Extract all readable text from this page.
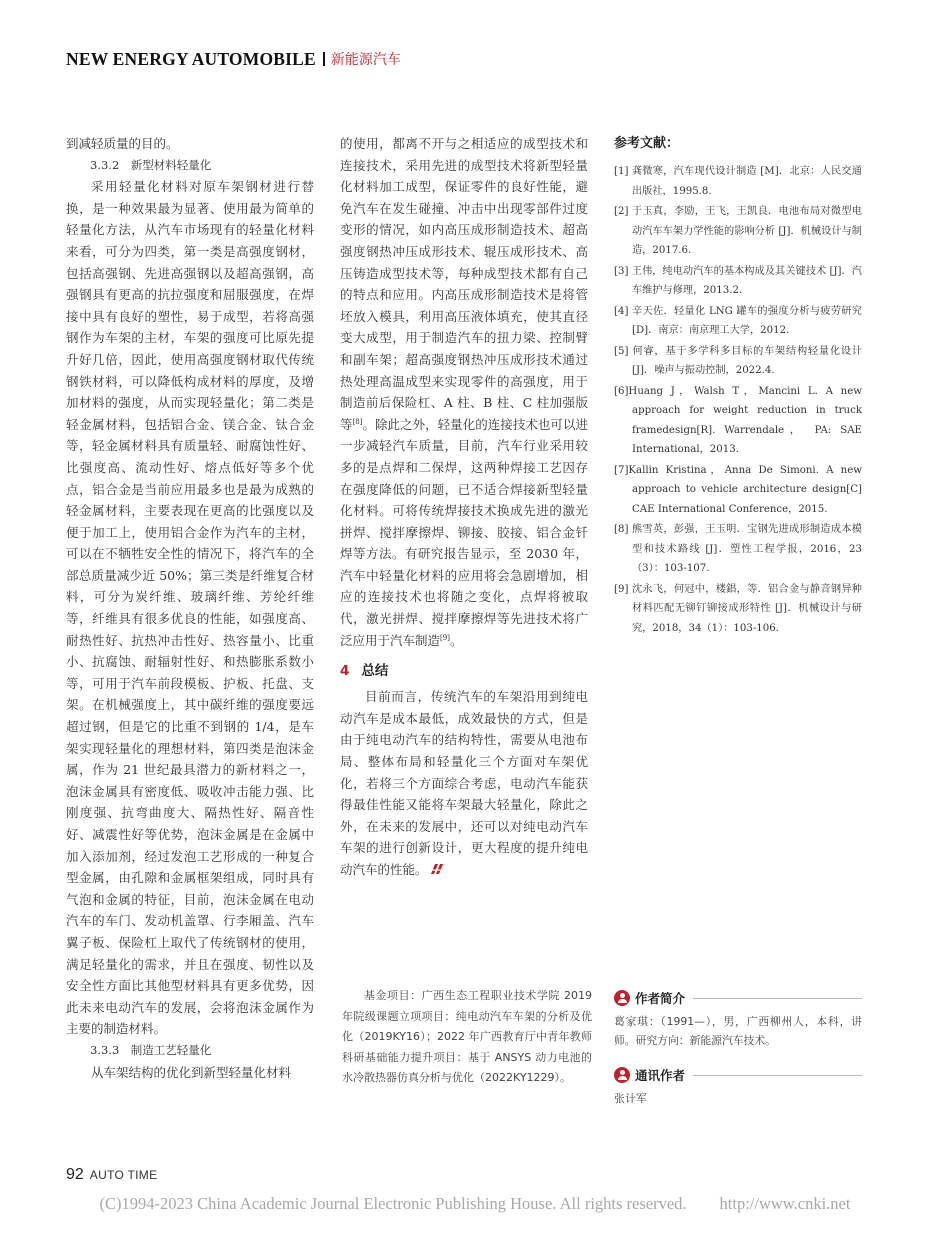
NEW ENERGY AUTOMOBILE 新能源汽车

到减轻质量的目的。

3.3.2　新型材料轻量化

采用轻量化材料对原车架钢材进行替换，是一种效果最为显著、使用最为简单的轻量化方法，从汽车市场现有的轻量化材料来看，可分为四类，第一类是高强度钢材，包括高强钢、先进高强钢以及超高强钢，高强钢具有更高的抗拉强度和屈服强度，在焊接中具有良好的塑性，易于成型，若将高强钢作为车架的主材，车架的强度可比原先提升好几倍，因此，使用高强度钢材取代传统钢铁材料，可以降低构成材料的厚度，及增加材料的强度，从而实现轻量化；第二类是轻金属材料，包括铝合金、镁合金、钛合金等，轻金属材料具有质量轻、耐腐蚀性好、比强度高、流动性好、熔点低好等多个优点，铝合金是当前应用最多也是最为成熟的轻金属材料，主要表现在更高的比强度以及便于加工上，使用铝合金作为汽车的主材，可以在不牺牲安全性的情况下，将汽车的全部总质量减少近 50%；第三类是纤维复合材料，可分为炭纤维、玻璃纤维、芳纶纤维等，纤维具有很多优良的性能，如强度高、耐热性好、抗热冲击性好、热容量小、比重小、抗腐蚀、耐辐射性好、和热膨胀系数小等，可用于汽车前段模板、护板、托盘、支架。在机械强度上，其中碳纤维的强度要远超过钢，但是它的比重不到钢的 1/4，是车架实现轻量化的理想材料，第四类是泡沫金属，作为 21 世纪最具潜力的新材料之一，泡沫金属具有密度低、吸收冲击能力强、比刚度强、抗弯曲度大、隔热性好、隔音性好、减震性好等优势，泡沫金属是在金属中加入添加剂，经过发泡工艺形成的一种复合型金属，由孔隙和金属框架组成，同时具有气泡和金属的特征，目前，泡沫金属在电动汽车的车门、发动机盖罩、行李厢盖、汽车翼子板、保险杠上取代了传统钢材的使用，满足轻量化的需求，并且在强度、韧性以及安全性方面比其他型材料具有更多优势，因此未来电动汽车的发展，会将泡沫金属作为主要的制造材料。

3.3.3　制造工艺轻量化

从车架结构的优化到新型轻量化材料

的使用，都离不开与之相适应的成型技术和连接技术，采用先进的成型技术将新型轻量化材料加工成型，保证零件的良好性能，避免汽车在发生碰撞、冲击中出现零部件过度变形的情况，如内高压成形制造技术、超高强度钢热冲压成形技术、辊压成形技术、高压铸造成型技术等，每种成型技术都有自己的特点和应用。内高压成形制造技术是将管坯放入模具，利用高压液体填充，使其直径变大成型，用于制造汽车的扭力梁、控制臂和副车架；超高强度钢热冲压成形技术通过热处理高温成型来实现零件的高强度，用于制造前后保险杠、A 柱、B 柱、C 柱加强版等[8]。除此之外，轻量化的连接技术也可以进一步减轻汽车质量，目前，汽车行业采用较多的是点焊和二保焊，这两种焊接工艺因存在强度降低的问题，已不适合焊接新型轻量化材料。可将传统焊接技术换成先进的激光拼焊、搅拌摩擦焊、铆接、胶接、铝合金钎焊等方法。有研究报告显示，至 2030 年，汽车中轻量化材料的应用将会急剧增加，相应的连接技术也将随之变化，点焊将被取代，激光拼焊、搅拌摩擦焊等先进技术将广泛应用于汽车制造[9]。

4 总结

目前而言，传统汽车的车架沿用到纯电动汽车是成本最低，成效最快的方式，但是由于纯电动汽车的结构特性，需要从电池布局、整体布局和轻量化三个方面对车架优化，若将三个方面综合考虑，电动汽车能获得最佳性能又能将车架最大轻量化，除此之外，在未来的发展中，还可以对纯电动汽车车架的进行创新设计，更大程度的提升纯电动汽车的性能。

基金项目：广西生态工程职业技术学院 2019 年院级课题立项项目：纯电动汽车车架的分析及优化（2019KY16）；2022 年广西教育厅中青年教师科研基础能力提升项目：基于 ANSYS 动力电池的水冷散热器仿真分析与优化（2022KY1229）。

参考文献：

[1] 龚微寒，汽车现代设计制造 [M]．北京：人民交通出版社，1995.8.

[2] 于玉真，李励，王飞，王凯良．电池布局对微型电动汽车车架力学性能的影响分析 [J]．机械设计与制造，2017.6.

[3] 王伟，纯电动汽车的基本构成及其关键技术 [J]．汽车维护与修理，2013.2.

[4] 辛天佐．轻量化 LNG 罐车的强度分析与疲劳研究 [D]．南京：南京理工大学，2012.

[5] 何睿，基于多学科多目标的车架结构轻量化设计 [J]．噪声与振动控制，2022.4.

[6]Huang J，Walsh T，Mancini L. A new approach for weight reduction in truck framedesign[R]. Warrendale， PA: SAE International，2013.

[7]Kallin Kristina，Anna De Simoni. A new approach to vehicle architecture design[C] CAE International Conference，2015.

[8] 熊雪英，彭强，王玉明．宝钢先进成形制造成本模型和技术路线 [J]．塑性工程学报，2016，23（3）：103-107.

[9] 沈永飞，何冠中，楼錩，等．铝合金与静音钢异种材料匹配无铆钉铆接成形特性 [J]．机械设计与研究，2018，34（1）：103-106.

作者简介

葛家琪：（1991—），男，广西柳州人，本科，讲师。研究方向：新能源汽车技术。

通讯作者

张计军

92 AUTO TIME
(C)1994-2023 China Academic Journal Electronic Publishing House. All rights reserved.　　http://www.cnki.net
